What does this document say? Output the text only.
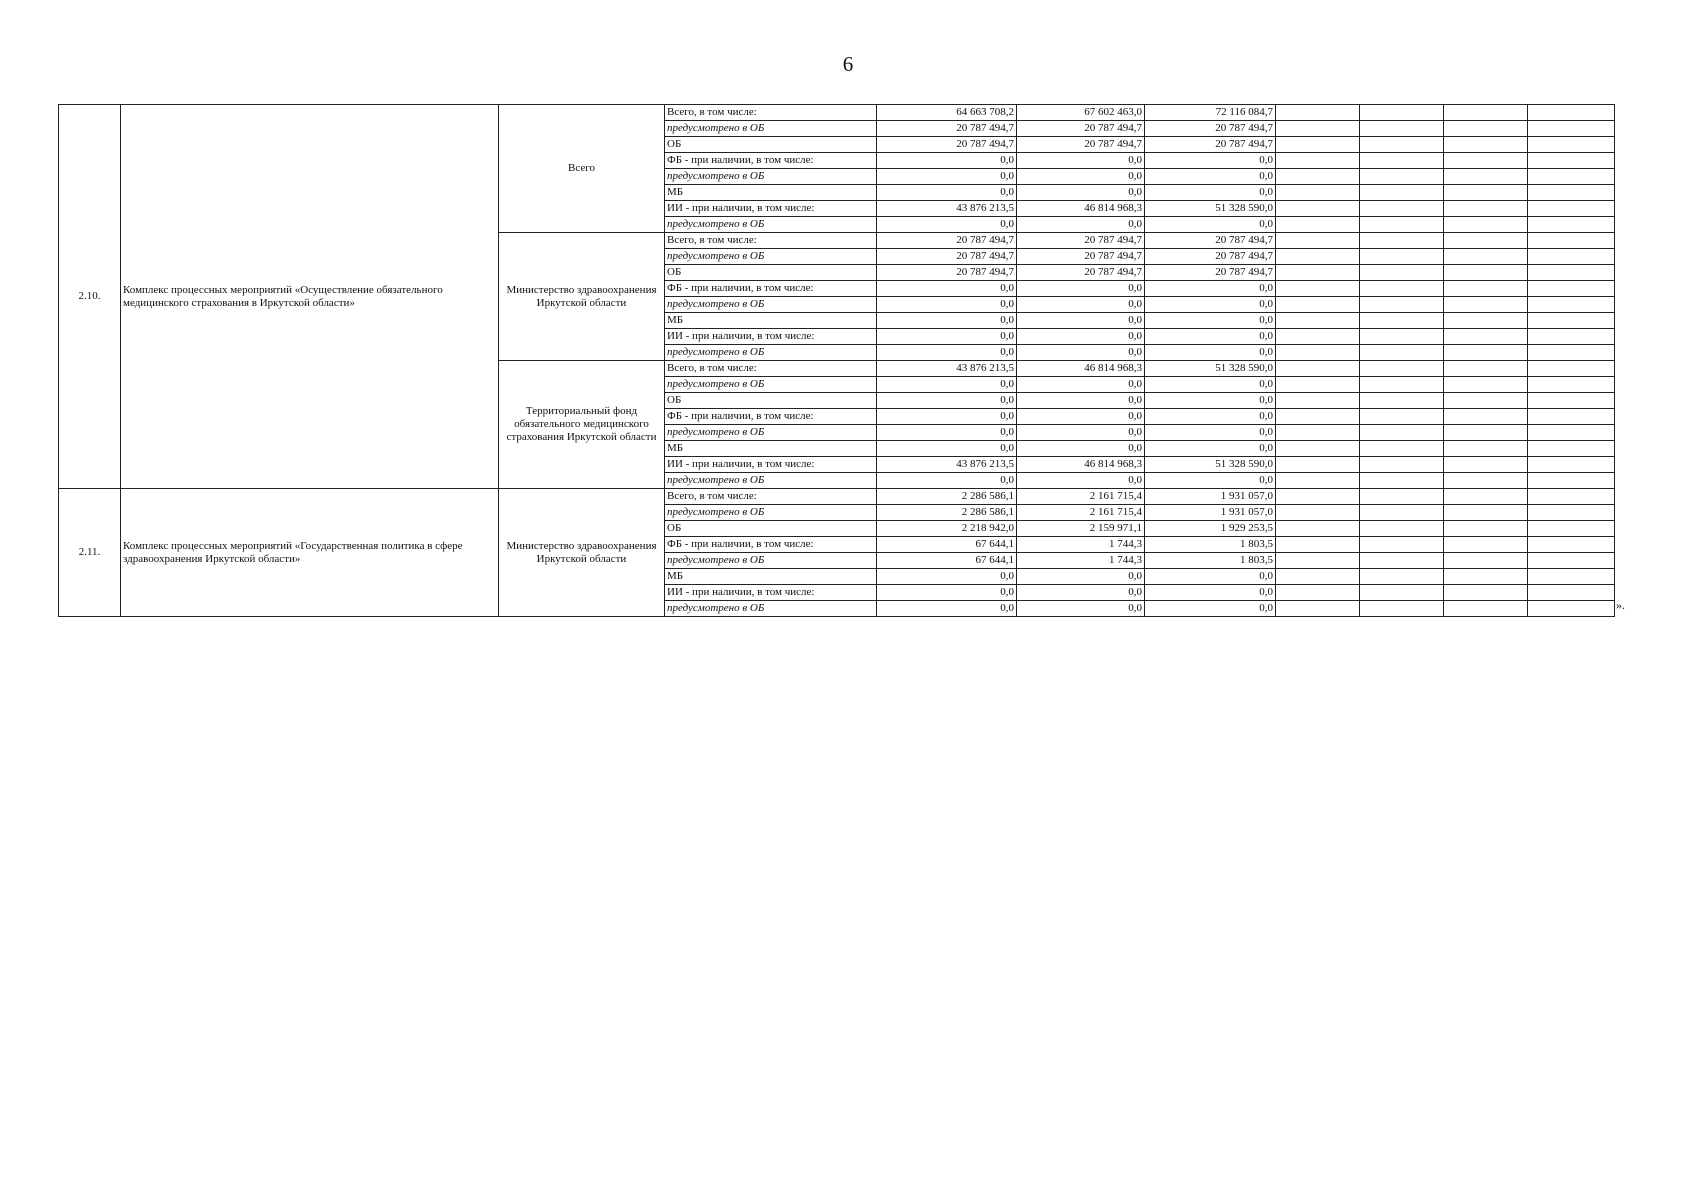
6
2.10.	Комплекс процессных мероприятий «Осуществление обязательного медицинского страхования в Иркутской области»	Всего	Всего, в том числе:	64 663 708,2	67 602 463,0	72 116 084,7				
			предусмотрено в ОБ	20 787 494,7	20 787 494,7	20 787 494,7				
			ОБ	20 787 494,7	20 787 494,7	20 787 494,7				
			ФБ - при наличии, в том числе:	0,0	0,0	0,0				
			предусмотрено в ОБ	0,0	0,0	0,0				
			МБ	0,0	0,0	0,0				
			ИИ - при наличии, в том числе:	43 876 213,5	46 814 968,3	51 328 590,0				
			предусмотрено в ОБ	0,0	0,0	0,0				
		Министерство здравоохранения Иркутской области	Всего, в том числе:	20 787 494,7	20 787 494,7	20 787 494,7				
			предусмотрено в ОБ	20 787 494,7	20 787 494,7	20 787 494,7				
			ОБ	20 787 494,7	20 787 494,7	20 787 494,7				
			ФБ - при наличии, в том числе:	0,0	0,0	0,0				
			предусмотрено в ОБ	0,0	0,0	0,0				
			МБ	0,0	0,0	0,0				
			ИИ - при наличии, в том числе:	0,0	0,0	0,0				
			предусмотрено в ОБ	0,0	0,0	0,0				
		Территориальный фонд обязательного медицинского страхования Иркутской области	Всего, в том числе:	43 876 213,5	46 814 968,3	51 328 590,0				
			предусмотрено в ОБ	0,0	0,0	0,0				
			ОБ	0,0	0,0	0,0				
			ФБ - при наличии, в том числе:	0,0	0,0	0,0				
			предусмотрено в ОБ	0,0	0,0	0,0				
			МБ	0,0	0,0	0,0				
			ИИ - при наличии, в том числе:	43 876 213,5	46 814 968,3	51 328 590,0				
			предусмотрено в ОБ	0,0	0,0	0,0				
2.11.	Комплекс процессных мероприятий «Государственная политика в сфере здравоохранения Иркутской области»	Министерство здравоохранения Иркутской области	Всего, в том числе:	2 286 586,1	2 161 715,4	1 931 057,0				
			предусмотрено в ОБ	2 286 586,1	2 161 715,4	1 931 057,0				
			ОБ	2 218 942,0	2 159 971,1	1 929 253,5				
			ФБ - при наличии, в том числе:	67 644,1	1 744,3	1 803,5				
			предусмотрено в ОБ	67 644,1	1 744,3	1 803,5				
			МБ	0,0	0,0	0,0				
			ИИ - при наличии, в том числе:	0,0	0,0	0,0				
			предусмотрено в ОБ	0,0	0,0	0,0					».
